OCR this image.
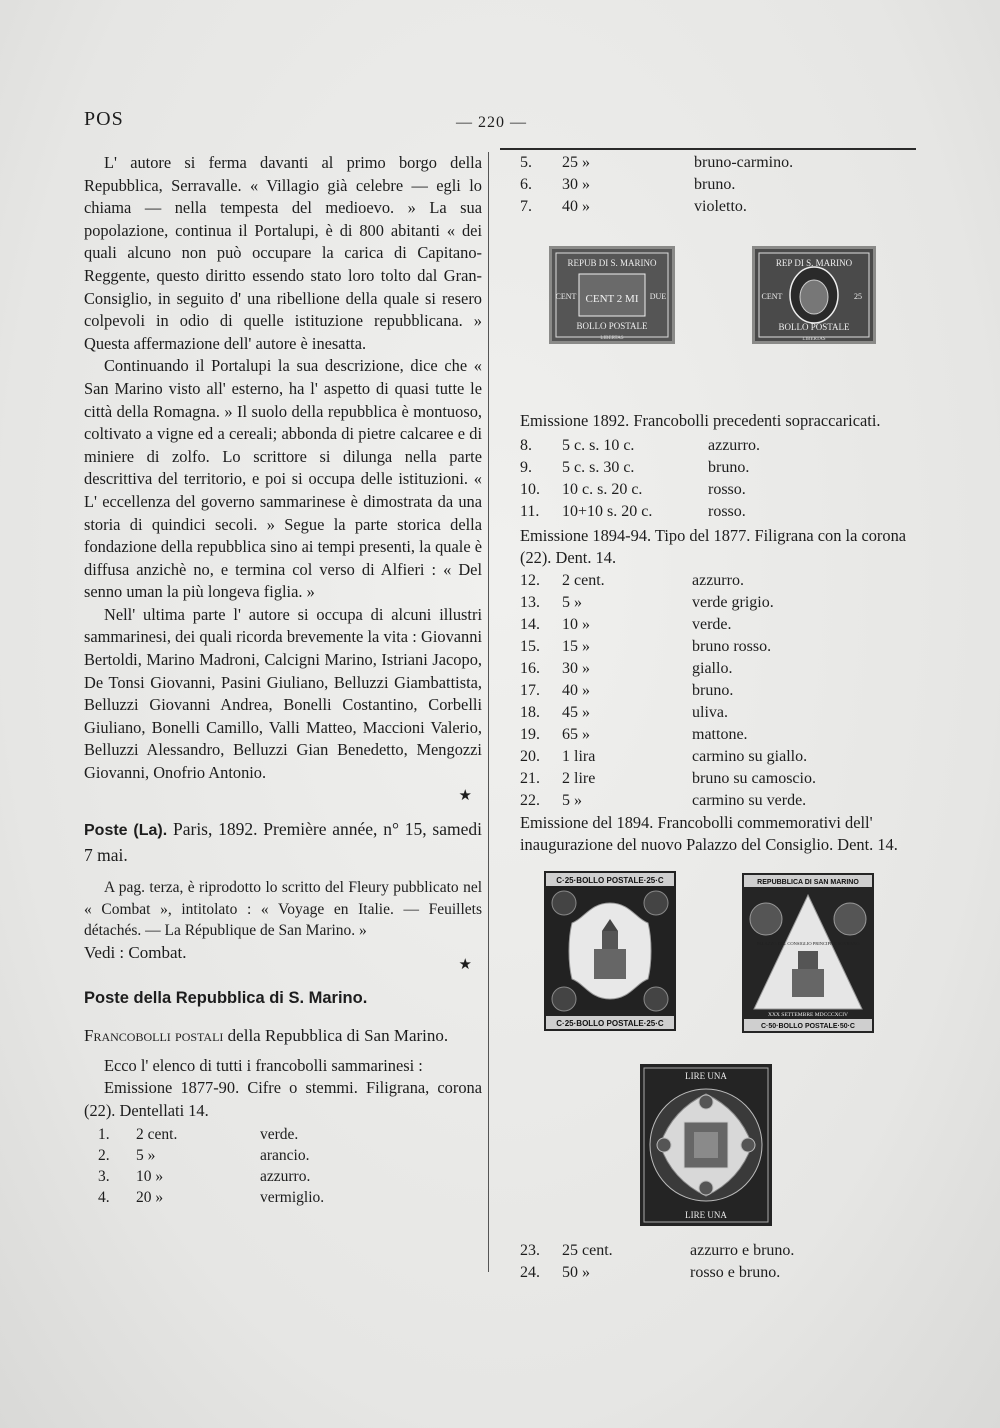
POS	— 220 —

L' autore si ferma davanti al primo borgo della Repubblica, Serravalle. « Villagio già celebre — egli lo chiama — nella tempesta del medioevo. » La sua popolazione, continua il Portalupi, è di 800 abitanti « dei quali alcuno non può occupare la carica di Capitano-Reggente, questo diritto essendo stato loro tolto dal Gran-Consiglio, in seguito d' una ribellione della quale si resero colpevoli in odio di quelle istituzione repubblicana. » Questa affermazione dell' autore è inesatta.

Continuando il Portalupi la sua descrizione, dice che « San Marino visto all' esterno, ha l' aspetto di quasi tutte le città della Romagna. » Il suolo della repubblica è montuoso, coltivato a vigne ed a cereali; abbonda di pietre calcaree e di miniere di zolfo. Lo scrittore si dilunga nella parte descrittiva del territorio, e poi si occupa delle istituzioni. « L' eccellenza del governo sammarinese è dimostrata da una storia di quindici secoli. » Segue la parte storica della fondazione della repubblica sino ai tempi presenti, la quale è diffusa anzichè no, e termina col verso di Alfieri : « Del senno uman la più longeva figlia. »

Nell' ultima parte l' autore si occupa di alcuni illustri sammarinesi, dei quali ricorda brevemente la vita : Giovanni Bertoldi, Marino Madroni, Calcigni Marino, Istriani Jacopo, De Tonsi Giovanni, Pasini Giuliano, Belluzzi Giambattista, Belluzzi Giovanni Andrea, Bonelli Costantino, Corbelli Giuliano, Bonelli Camillo, Valli Matteo, Maccioni Valerio, Belluzzi Alessandro, Belluzzi Gian Benedetto, Mengozzi Giovanni, Onofrio Antonio.

★

Poste (La). Paris, 1892. Première année, n° 15, samedi 7 mai.

A pag. terza, è riprodotto lo scritto del Fleury pubblicato nel « Combat », intitolato : « Voyage en Italie. — Feuillets détachés. — La République de San Marino. »

Vedi : Combat.

★
Poste della Repubblica di S. Marino.

Francobolli postali della Repubblica di San Marino.

Ecco l' elenco di tutti i francobolli sammarinesi :

Emissione 1877-90. Cifre o stemmi. Filigrana, corona (22). Dentellati 14.

1.	2 cent.	verde.
2.	5 »	arancio.
3.	10 »	azzurro.
4.	20 »	vermiglio.
5.	25 »	bruno-carmino.
6.	30 »	bruno.
7.	40 »	violetto.

Emissione 1892. Francobolli precedenti sopraccaricati.

8.	5 c. s. 10 c.	azzurro.
9.	5 c. s. 30 c.	bruno.
10.	10 c. s. 20 c.	rosso.
11.	10+10 s. 20 c.	rosso.

Emissione 1894-94. Tipo del 1877. Filigrana con la corona (22). Dent. 14.

12.	2 cent.	azzurro.
13.	5 »	verde grigio.
14.	10 »	verde.
15.	15 »	bruno rosso.
16.	30 »	giallo.
17.	40 »	bruno.
18.	45 »	uliva.
19.	65 »	mattone.
20.	1 lira	carmino su giallo.
21.	2 lire	bruno su camoscio.
22.	5 »	carmino su verde.

Emissione del 1894. Francobolli commemorativi dell' inaugurazione del nuovo Palazzo del Consiglio. Dent. 14.

REPUB DI S. MARINO
CENT CENT 2 MI DUE
BOLLO POSTALE
LIBERTAS
REP DI S. MARINO
CENT	25
BOLLO POSTALE
LIBERTAS
C·25·BOLLO POSTALE·25·C
C·25·BOLLO POSTALE·25·C
REPUBBLICA DI SAN MARINO
C·50·BOLLO POSTALE·50·C
XXX SETTEMBRE MDCCCXCIV
PALAZZO DEL CONSIGLIO PRINCIPE E SOVRANO
LIRE UNA
LIRE UNA
23.	25 cent.	azzurro e bruno.
24.	50 »	rosso e bruno.
